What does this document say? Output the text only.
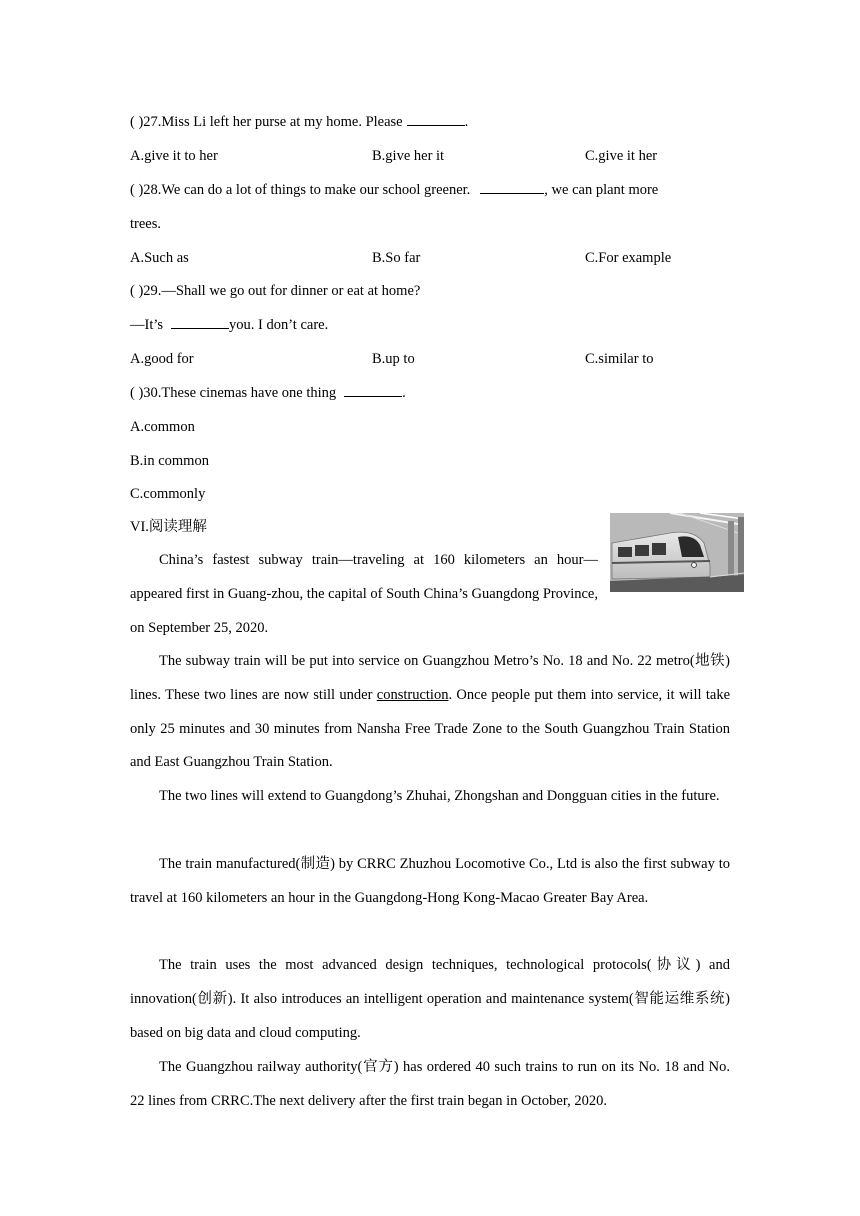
( )27.Miss Li left her purse at my home. Please	.
A.give it to her	B.give her it	C.give it her
( )28.We can do a lot of things to make our school greener.	, we can plant more
trees.
A.Such as	B.So far	C.For example
( )29.—Shall we go out for dinner or eat at home?
—It’s	you. I don’t care.
A.good for	B.up to	C.similar to
( )30.These cinemas have one thing	.
A.common
B.in common
C.commonly
VI.阅读理解
China’s fastest subway train—traveling at 160 kilometers an hour—appeared first in Guang-zhou, the capital of South China’s Guangdong Province, on September 25, 2020.
The subway train will be put into service on Guangzhou Metro’s No. 18 and No. 22 metro(地铁) lines. These two lines are now still under construction. Once people put them into service, it will take only 25 minutes and 30 minutes from Nansha Free Trade Zone to the South Guangzhou Train Station and East Guangzhou Train Station.
The two lines will extend to Guangdong’s Zhuhai, Zhongshan and Dongguan cities in the future.
The train manufactured(制造) by CRRC Zhuzhou Locomotive Co., Ltd is also the first subway to travel at 160 kilometers an hour in the Guangdong-Hong Kong-Macao Greater Bay Area.
The train uses the most advanced design techniques, technological protocols(协议) and innovation(创新). It also introduces an intelligent operation and maintenance system(智能运维系统) based on big data and cloud computing.
The Guangzhou railway authority(官方) has ordered 40 such trains to run on its No. 18 and No. 22 lines from CRRC.The next delivery after the first train began in October, 2020.
